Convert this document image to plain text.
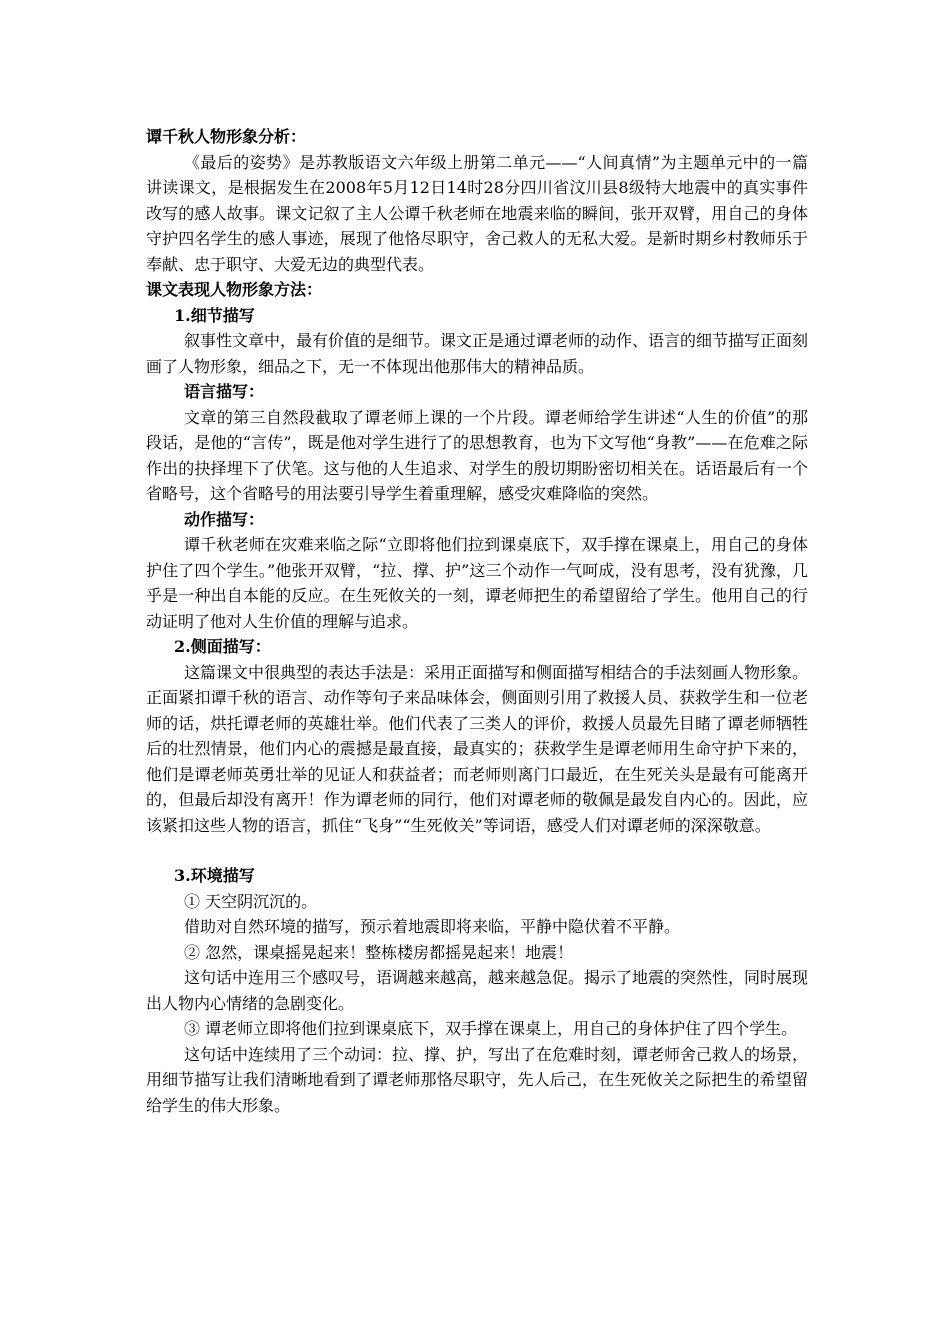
谭千秋人物形象分析：

《最后的姿势》是苏教版语文六年级上册第二单元——“人间真情”为主题单元中的一篇讲读课文，是根据发生在2008年5月12日14时28分四川省汶川县8级特大地震中的真实事件改写的感人故事。课文记叙了主人公谭千秋老师在地震来临的瞬间，张开双臂，用自己的身体守护四名学生的感人事迹，展现了他恪尽职守，舍己救人的无私大爱。是新时期乡村教师乐于奉献、忠于职守、大爱无边的典型代表。

课文表现人物形象方法：

1.细节描写

叙事性文章中，最有价值的是细节。课文正是通过谭老师的动作、语言的细节描写正面刻画了人物形象，细品之下，无一不体现出他那伟大的精神品质。

语言描写：

文章的第三自然段截取了谭老师上课的一个片段。谭老师给学生讲述“人生的价值”的那段话，是他的“言传”，既是他对学生进行了的思想教育，也为下文写他“身教”——在危难之际作出的抉择埋下了伏笔。这与他的人生追求、对学生的殷切期盼密切相关在。话语最后有一个省略号，这个省略号的用法要引导学生着重理解，感受灾难降临的突然。

动作描写：

谭千秋老师在灾难来临之际“立即将他们拉到课桌底下，双手撑在课桌上，用自己的身体护住了四个学生。”他张开双臂，“拉、撑、护”这三个动作一气呵成，没有思考，没有犹豫，几乎是一种出自本能的反应。在生死攸关的一刻，谭老师把生的希望留给了学生。他用自己的行动证明了他对人生价值的理解与追求。

2.侧面描写：

这篇课文中很典型的表达手法是：采用正面描写和侧面描写相结合的手法刻画人物形象。正面紧扣谭千秋的语言、动作等句子来品味体会，侧面则引用了救援人员、获救学生和一位老师的话，烘托谭老师的英雄壮举。他们代表了三类人的评价，救援人员最先目睹了谭老师牺牲后的壮烈情景，他们内心的震撼是最直接，最真实的；获救学生是谭老师用生命守护下来的，他们是谭老师英勇壮举的见证人和获益者；而老师则离门口最近，在生死关头是最有可能离开的，但最后却没有离开！作为谭老师的同行，他们对谭老师的敬佩是最发自内心的。因此，应该紧扣这些人物的语言，抓住“飞身”“生死攸关”等词语，感受人们对谭老师的深深敬意。

3.环境描写

① 天空阴沉沉的。

借助对自然环境的描写，预示着地震即将来临，平静中隐伏着不平静。

② 忽然，课桌摇晃起来！整栋楼房都摇晃起来！地震！

这句话中连用三个感叹号，语调越来越高，越来越急促。揭示了地震的突然性，同时展现出人物内心情绪的急剧变化。

③ 谭老师立即将他们拉到课桌底下，双手撑在课桌上，用自己的身体护住了四个学生。

这句话中连续用了三个动词：拉、撑、护，写出了在危难时刻，谭老师舍己救人的场景，用细节描写让我们清晰地看到了谭老师那恪尽职守，先人后己，在生死攸关之际把生的希望留给学生的伟大形象。
